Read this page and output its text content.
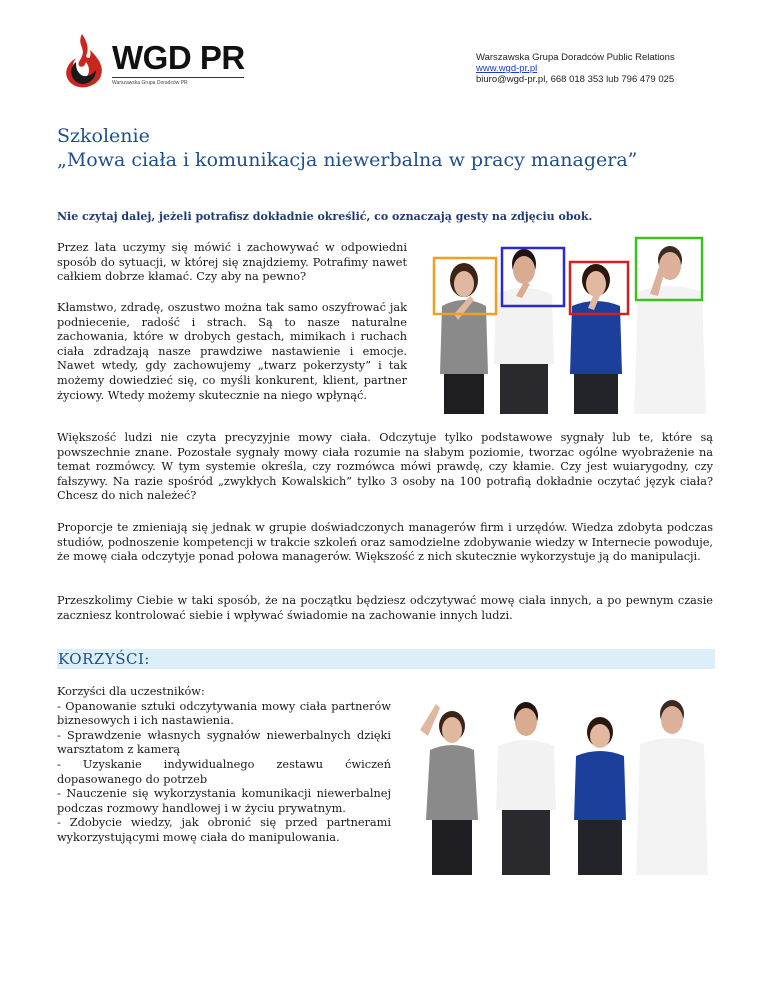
WGD PR
Warszawska Grupa Doradców PR
Warszawska Grupa Doradców Public Relations
www.wgd-pr.pl
biuro@wgd-pr.pl, 668 018 353 lub 796 479 025
Szkolenie
„Mowa ciała i komunikacja niewerbalna w pracy managera”
Nie czytaj dalej, jeżeli potrafisz dokładnie określić, co oznaczają gesty na zdjęciu obok.
Przez lata uczymy się mówić i zachowywać w odpowiedni sposób do sytuacji, w której się znajdziemy. Potrafimy nawet całkiem dobrze kłamać. Czy aby na pewno?
Kłamstwo, zdradę, oszustwo można tak samo oszyfrować jak podniecenie, radość i strach. Są to nasze naturalne zachowania, które w drobych gestach, mimikach i ruchach ciała zdradzają nasze prawdziwe nastawienie i emocje. Nawet wtedy, gdy zachowujemy „twarz pokerzysty” i tak możemy dowiedzieć się, co myśli konkurent, klient, partner życiowy. Wtedy możemy skutecznie na niego wpłynąć.
Większość ludzi nie czyta precyzyjnie mowy ciała. Odczytuje tylko podstawowe sygnały lub te, które są powszechnie znane. Pozostałe sygnały mowy ciała rozumie na słabym poziomie, tworzac ogólne wyobrażenie na temat rozmówcy. W tym systemie określa, czy rozmówca mówi prawdę, czy kłamie. Czy jest wuiarygodny, czy fałszywy. Na razie spośród „zwykłych Kowalskich” tylko 3 osoby na 100 potrafią dokładnie oczytać język ciała? Chcesz do nich należeć?
Proporcje te zmieniają się jednak w grupie doświadczonych managerów firm i urzędów. Wiedza zdobyta podczas studiów, podnoszenie kompetencji w trakcie szkoleń oraz samodzielne zdobywanie wiedzy w Internecie powoduje, że mowę ciała odczytyje ponad połowa managerów. Większość z nich skutecznie wykorzystuje ją do manipulacji.
Przeszkolimy Ciebie w taki sposób, że na początku będziesz odczytywać mowę ciała innych, a po pewnym czasie zaczniesz kontrolować siebie i wpływać świadomie na zachowanie innych ludzi.
KORZYŚCI:
Korzyści dla uczestników:
- Opanowanie sztuki odczytywania mowy ciała partnerów biznesowych i ich nastawienia.
- Sprawdzenie własnych sygnałów niewerbalnych dzięki warsztatom z kamerą
- Uzyskanie indywidualnego zestawu ćwiczeń dopasowanego do potrzeb
- Nauczenie się wykorzystania komunikacji niewerbalnej podczas rozmowy handlowej i w życiu prywatnym.
- Zdobycie wiedzy, jak obronić się przed partnerami wykorzystującymi mowę ciała do manipulowania.
